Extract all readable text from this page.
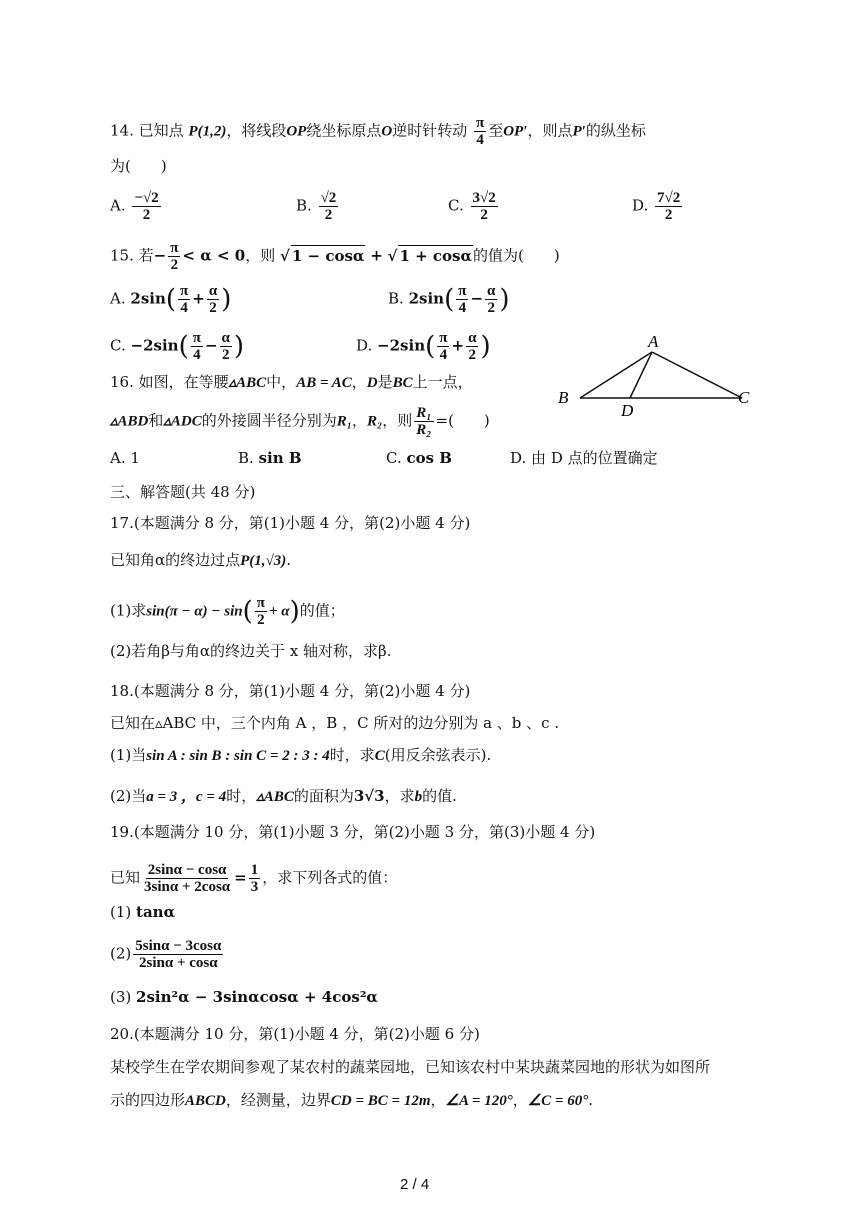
14. 已知点 P(1,2)，将线段OP绕坐标原点O逆时针转动 $\frac{\pi}{4}$ 至OP′，则点P′的纵坐标
为(　　)
A. $\frac{-√2}{2}$	B. $\frac{√2}{2}$	C. $\frac{3√2}{2}$	D. $\frac{7√2}{2}$
15. 若− $\frac{\pi}{2} < \alpha < 0$，则 √ 1 − cosα + √ 1 + cosα的值为(　　)
A. $2\sin( \frac{\pi}{4} + \frac{\alpha}{2}$ )	B. $2\sin( \frac{\pi}{4} - \frac{\alpha}{2}$ )
C. $-2\sin( \frac{\pi}{4} - \frac{\alpha}{2}$ )	D. $-2\sin( \frac{\pi}{4} + \frac{\alpha}{2}$ )
16. 如图，在等腰▵ABC中，AB = AC，D是BC上一点，
▵ABD和▵ADC的外接圆半径分别为R₁，R₂，则 $\frac{\text{R₁}}{\text{R₂}}$ =(　　)
A
B	C
D
A. 1	B. sin B	C. cos B	D. 由 D 点的位置确定
三、解答题(共 48 分)
17.(本题满分 8 分，第(1)小题 4 分，第(2)小题 4 分)
已知角α的终边过点P(1,√3).
(1)求$\sin(\pi - \alpha) - \sin( \frac{\pi}{2} + \alpha)$的值；
(2)若角β与角α的终边关于 x 轴对称，求β.
18.(本题满分 8 分，第(1)小题 4 分，第(2)小题 4 分)
已知在▵ABC 中，三个内角 A ，B ，C 所对的边分别为 a 、b 、c .
(1)当sin A : sin B : sin C = 2 : 3 : 4时，求C(用反余弦表示).
(2)当a = 3 ，c = 4时，▵ABC的面积为3√3，求b的值.
19.(本题满分 10 分，第(1)小题 3 分，第(2)小题 3 分，第(3)小题 4 分)
已知 $\frac{2\sin\alpha - \cos\alpha}{3\sin\alpha + 2\cos\alpha} = \frac{1}{3}$ ，求下列各式的值：
(1) tanα
$(2) \frac{5\sin\alpha - 3\cos\alpha}{2\sin\alpha + \cos\alpha}$
(3) 2sin²α − 3sinαcosα + 4cos²α
20.(本题满分 10 分，第(1)小题 4 分，第(2)小题 6 分)
某校学生在学农期间参观了某农村的蔬菜园地，已知该农村中某块蔬菜园地的形状为如图所
示的四边形ABCD，经测量，边界CD = BC = 12m，∠A = 120°，∠C = 60°.
2 / 4
